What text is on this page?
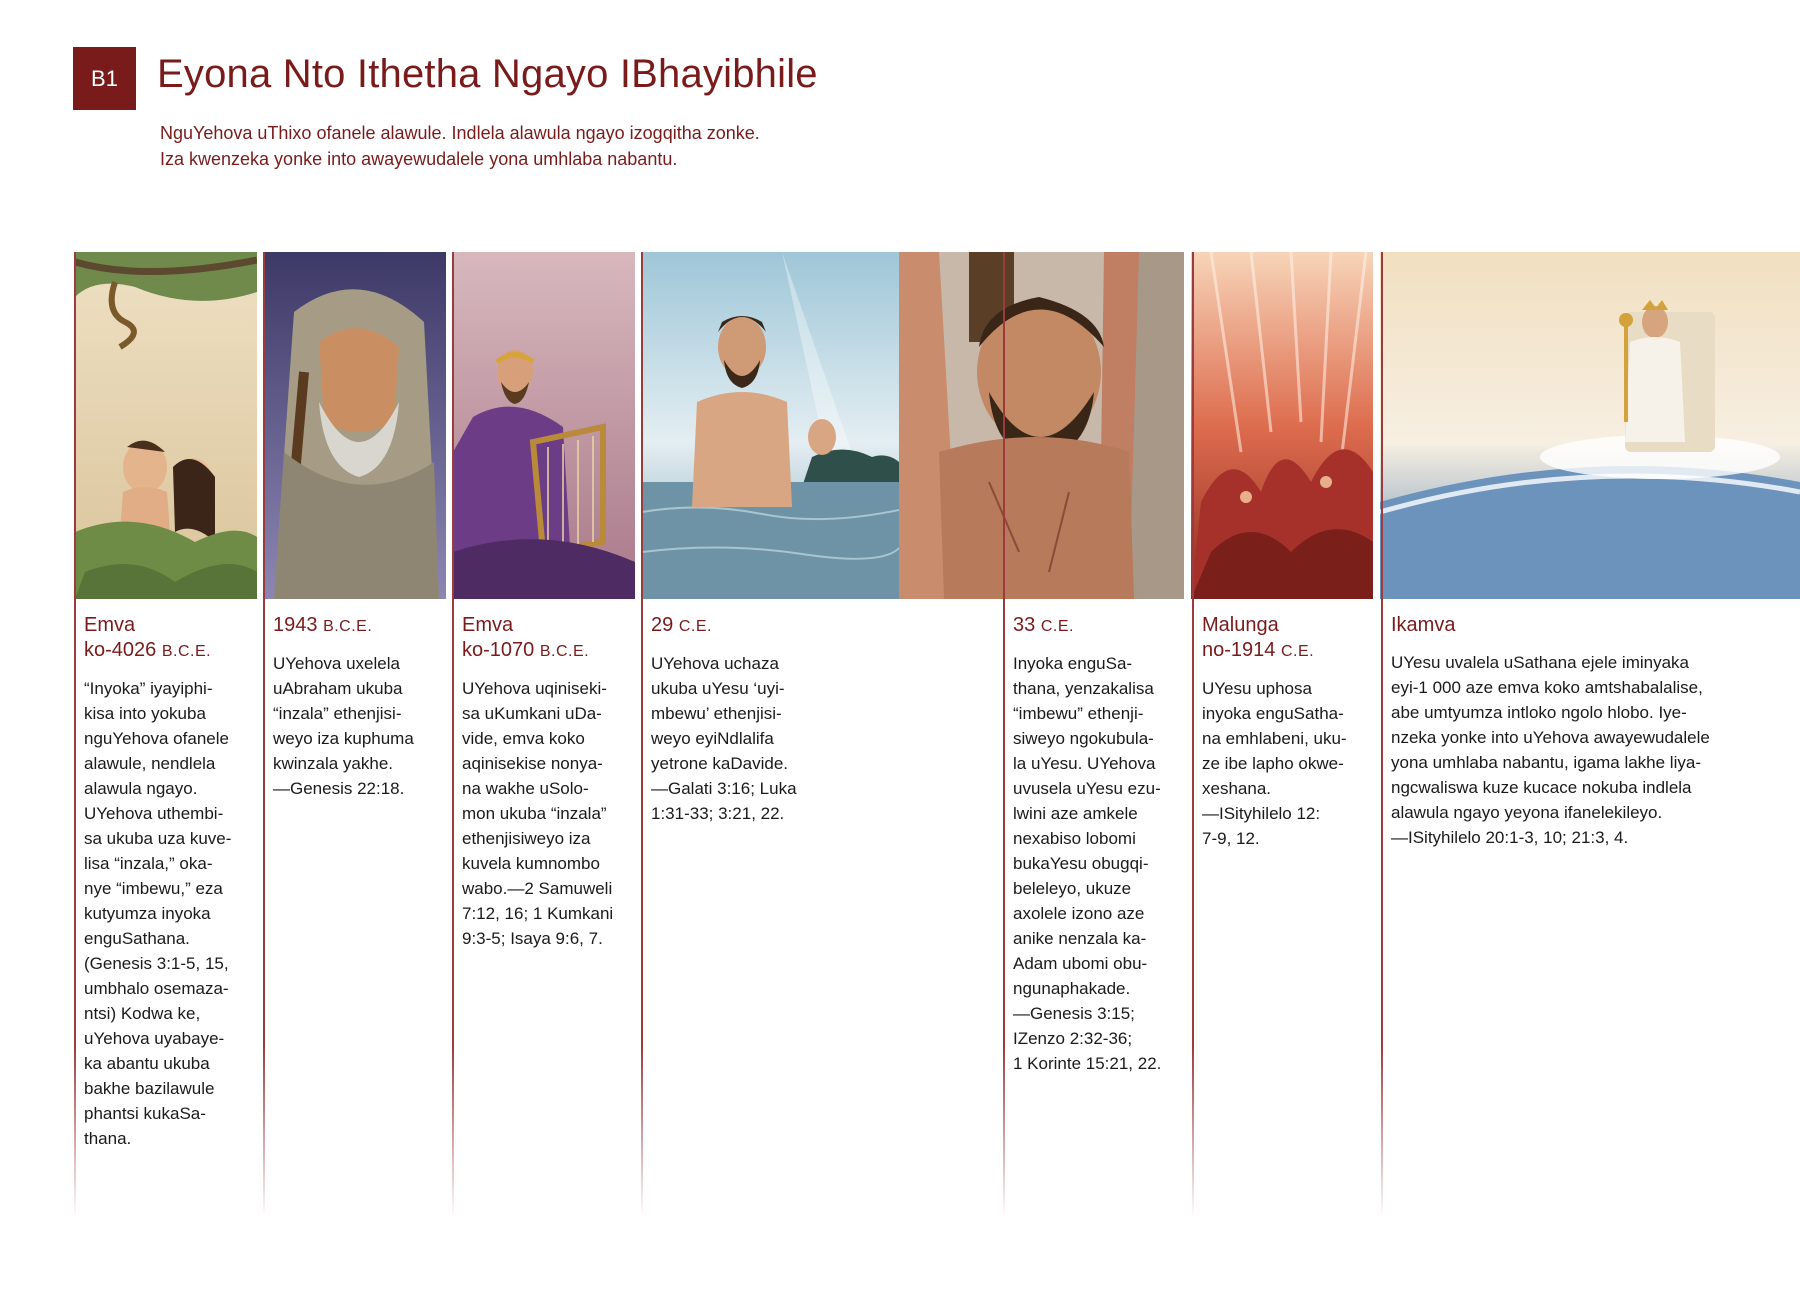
B1 Eyona Nto Ithetha Ngayo IBhayibhile

NguYehova uThixo ofanele alawule. Indlela alawula ngayo izogqitha zonke.
Iza kwenzeka yonke into awayewudalele yona umhlaba nabantu.

Emva
ko-4026 B.C.E.
“Inyoka” iyayiphi-
kisa into yokuba
nguYehova ofanele
alawule, nendlela
alawula ngayo.
UYehova uthembi-
sa ukuba uza kuve-
lisa “inzala,” oka-
nye “imbewu,” eza
kutyumza inyoka
enguSathana.
(Genesis 3:1-5, 15,
umbhalo osemaza-
ntsi) Kodwa ke,
uYehova uyabaye-
ka abantu ukuba
bakhe bazilawule
phantsi kukaSa-
thana.
1943 B.C.E.
UYehova uxelela
uAbraham ukuba
“inzala” ethenjisi-
weyo iza kuphuma
kwinzala yakhe.
—Genesis 22:18.
Emva
ko-1070 B.C.E.
UYehova uqiniseki-
sa uKumkani uDa-
vide, emva koko
aqinisekise nonya-
na wakhe uSolo-
mon ukuba “inzala”
ethenjisiweyo iza
kuvela kumnombo
wabo.—2 Samuweli
7:12, 16; 1 Kumkani
9:3-5; Isaya 9:6, 7.
29 C.E.
UYehova uchaza
ukuba uYesu ‘uyi-
mbewu’ ethenjisi-
weyo eyiNdlalifa
yetrone kaDavide.
—Galati 3:16; Luka
1:31-33; 3:21, 22.
33 C.E.
Inyoka enguSa-
thana, yenzakalisa
“imbewu” ethenji-
siweyo ngokubula-
la uYesu. UYehova
uvusela uYesu ezu-
lwini aze amkele
nexabiso lobomi
bukaYesu obugqi-
beleleyo, ukuze
axolele izono aze
anike nenzala ka-
Adam ubomi obu-
ngunaphakade.
—Genesis 3:15;
IZenzo 2:32-36;
1 Korinte 15:21, 22.
Malunga
no-1914 C.E.
UYesu uphosa
inyoka enguSatha-
na emhlabeni, uku-
ze ibe lapho okwe-
xeshana.
—ISityhilelo 12:
7-9, 12.
Ikamva
UYesu uvalela uSathana ejele iminyaka
eyi-1 000 aze emva koko amtshabalalise,
abe umtyumza intloko ngolo hlobo. Iye-
nzeka yonke into uYehova awayewudalele
yona umhlaba nabantu, igama lakhe liya-
ngcwaliswa kuze kucace nokuba indlela
alawula ngayo yeyona ifanelekileyo.
—ISityhilelo 20:1-3, 10; 21:3, 4.
